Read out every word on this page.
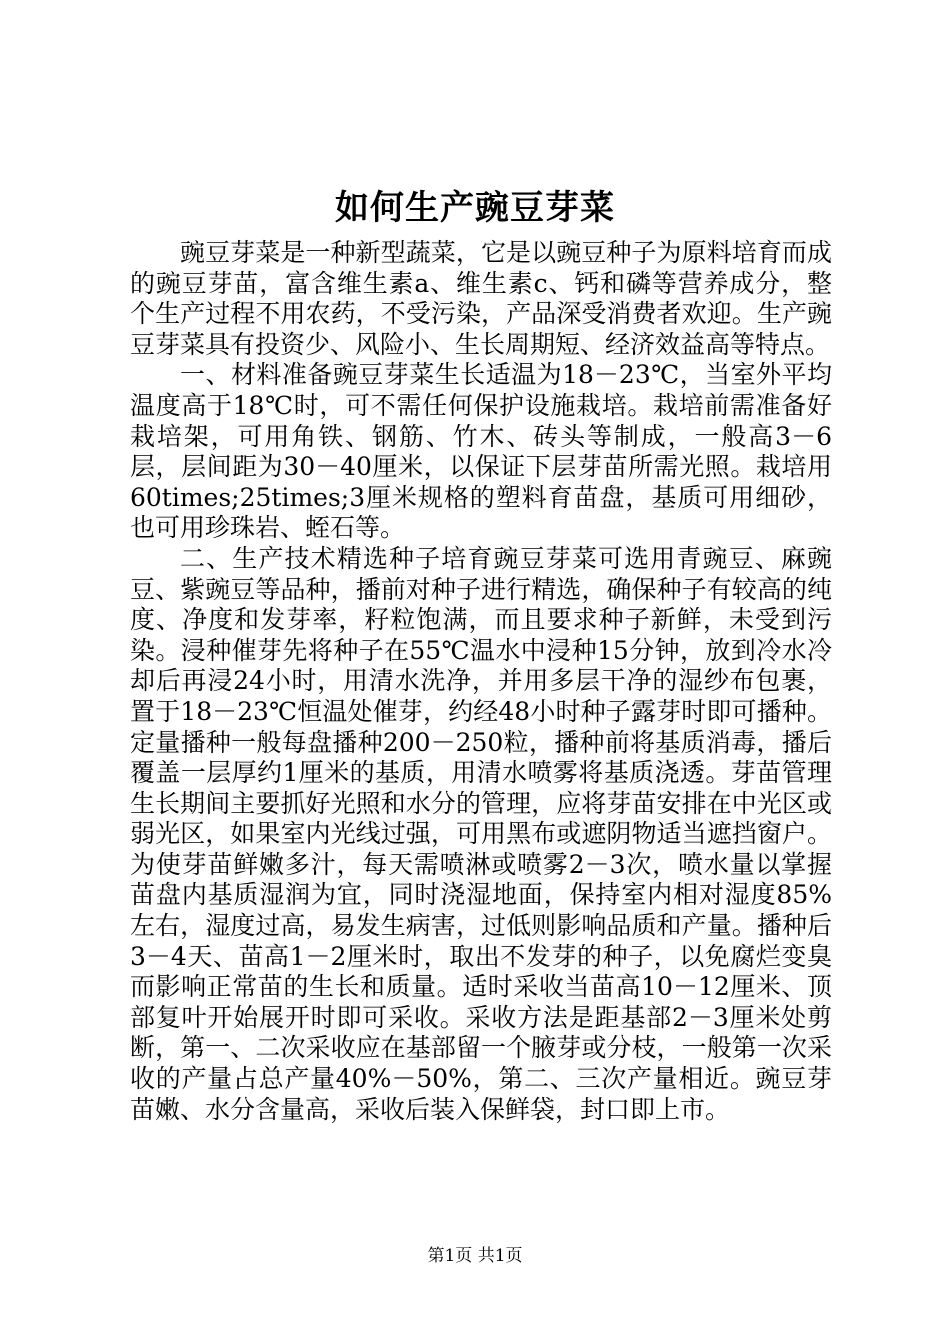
如何生产豌豆芽菜

豌豆芽菜是一种新型蔬菜，它是以豌豆种子为原料培育而成的豌豆芽苗，富含维生素a、维生素c、钙和磷等营养成分，整个生产过程不用农药，不受污染，产品深受消费者欢迎。生产豌豆芽菜具有投资少、风险小、生长周期短、经济效益高等特点。

一、材料准备豌豆芽菜生长适温为18－23℃，当室外平均温度高于18℃时，可不需任何保护设施栽培。栽培前需准备好栽培架，可用角铁、钢筋、竹木、砖头等制成，一般高3－6层，层间距为30－40厘米，以保证下层芽苗所需光照。栽培用60times;25times;3厘米规格的塑料育苗盘，基质可用细砂，也可用珍珠岩、蛭石等。

二、生产技术精选种子培育豌豆芽菜可选用青豌豆、麻豌豆、紫豌豆等品种，播前对种子进行精选，确保种子有较高的纯度、净度和发芽率，籽粒饱满，而且要求种子新鲜，未受到污染。浸种催芽先将种子在55℃温水中浸种15分钟，放到冷水冷却后再浸24小时，用清水洗净，并用多层干净的湿纱布包裹，置于18－23℃恒温处催芽，约经48小时种子露芽时即可播种。定量播种一般每盘播种200－250粒，播种前将基质消毒，播后覆盖一层厚约1厘米的基质，用清水喷雾将基质浇透。芽苗管理生长期间主要抓好光照和水分的管理，应将芽苗安排在中光区或弱光区，如果室内光线过强，可用黑布或遮阴物适当遮挡窗户。为使芽苗鲜嫩多汁，每天需喷淋或喷雾2－3次，喷水量以掌握苗盘内基质湿润为宜，同时浇湿地面，保持室内相对湿度85%左右，湿度过高，易发生病害，过低则影响品质和产量。播种后3－4天、苗高1－2厘米时，取出不发芽的种子，以免腐烂变臭而影响正常苗的生长和质量。适时采收当苗高10－12厘米、顶部复叶开始展开时即可采收。采收方法是距基部2－3厘米处剪断，第一、二次采收应在基部留一个腋芽或分枝，一般第一次采收的产量占总产量40%－50%，第二、三次产量相近。豌豆芽苗嫩、水分含量高，采收后装入保鲜袋，封口即上市。

第1页 共1页
